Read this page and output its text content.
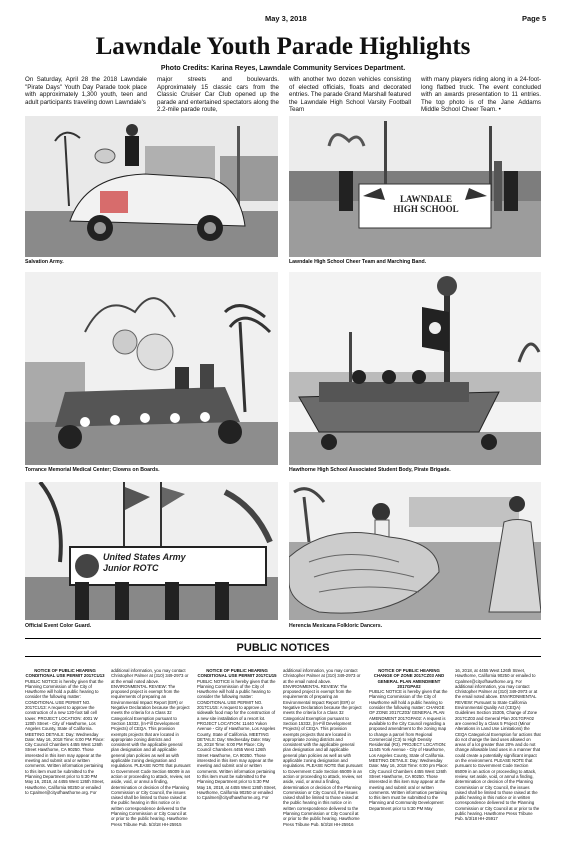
May 3, 2018	Page 5
Lawndale Youth Parade Highlights
Photo Credits: Karina Reyes, Lawndale Community Services Department.
On Saturday, April 28 the 2018 Lawndale "Pirate Days" Youth Day Parade took place with approximately 1,300 youth, teen and adult participants traveling down Lawndale's
major streets and boulevards. Approximately 15 classic cars from the Classic Cruiser Car Club opened up the parade and entertained spectators along the 2.2-mile parade route,
with another two dozen vehicles consisting of elected officials, floats and decorated entries. The parade Grand Marshall featured the Lawndale High School Varsity Football Team
with many players riding along in a 24-foot-long flatbed truck. The event concluded with an awards presentation to 11 entries. The top photo is of the Jane Addams Middle School Cheer Team. •
Salvation Army.
LAWNDALE
HIGH SCHOOL
Lawndale High School Cheer Team and Marching Band.
Torrance Memorial Medical Center; Clowns on Boards.	Hawthorne High School Associated Student Body, Pirate Brigade.
United States Army
Junior ROTC
Official Event Color Guard.	Herencia Mexicana Folkloric Dancers.
PUBLIC NOTICES

NOTICE OF PUBLIC HEARING CONDITIONAL USE PERMIT 2017CU13

PUBLIC NOTICE is hereby given that the Planning Commission of the City of Hawthorne will hold a public hearing to consider the following matter: CONDITIONAL USE PERMIT NO. 2017CU13: A request to approve the construction of a new 120-foot tall cell tower. PROJECT LOCATION: 4001 W 120th Street - City of Hawthorne, Los Angeles County, State of California. MEETING DETAILS: Day: Wednesday Date: May 16, 2018 Time: 6:00 PM Place: City Council Chambers 4455 West 126th Street Hawthorne, CA 90250. Those interested in this item may appear at the meeting and submit oral or written comments. Written information pertaining to this item must be submitted to the Planning Department prior to 5:30 PM May 16, 2018, at 4455 West 126th Street, Hawthorne, California 90250 or emailed to Cpalmer@cityofhawthorne.org. For

additional information, you may contact Christopher Palmer at (310) 349-2973 or at the email noted above. ENVIRONMENTAL REVIEW: The proposed project is exempt from the requirements of preparing an Environmental Impact Report (EIR) or Negative Declaration because the project meets the criteria for a Class 32 Categorical Exemption pursuant to Section 15332, (In-Fill Development Projects) of CEQA. This provision exempts projects that are located in appropriate zoning districts and consistent with the applicable general plan designation and all applicable general plan policies as well as with applicable zoning designation and regulations. PLEASE NOTE that pursuant to Government Code Section 65009 in an action or proceeding to attack, review, set aside, void, or annul a finding, determination or decision of the Planning Commission or City Council, the issues raised shall be limited to those raised at the public hearing in this notice or in written correspondence delivered to the Planning Commission or City Council at or prior to the public hearing. Hawthorne Press Tribune Pub. 5/3/18 HH-25915

NOTICE OF PUBLIC HEARING CONDITIONAL USE PERMIT 2017CU15

PUBLIC NOTICE is hereby given that the Planning Commission of the City of Hawthorne will hold a public hearing to consider the following matter: CONDITIONAL USE PERMIT NO. 2017CU15: A request to approve a sidewalk food map for the construction of a new site installation of a resort lot. PROJECT LOCATION: 11440 Yukon Avenue - City of Hawthorne, Los Angeles County, State of California. MEETING DETAILS: Day: Wednesday Date: May 16, 2018 Time: 6:00 PM Place: City Council Chambers 4455 West 126th Street Hawthorne, CA 90250. Those interested in this item may appear at the meeting and submit oral or written comments. Written information pertaining to this item must be submitted to the Planning Department prior to 5:30 PM May 16, 2018, at 4455 West 126th Street, Hawthorne, California 90250 or emailed to Cpalmer@cityofhawthorne.org. For

additional information, you may contact Christopher Palmer at (310) 349-2973 or at the email noted above. ENVIRONMENTAL REVIEW: The proposed project is exempt from the requirements of preparing an Environmental Impact Report (EIR) or Negative Declaration because the project meets the criteria for a Class 32 Categorical Exemption pursuant to Section 15332, (In-Fill Development Projects) of CEQA. This provision exempts projects that are located in appropriate zoning districts and consistent with the applicable general plan designation and all applicable general plan policies as well as with applicable zoning designation and regulations. PLEASE NOTE that pursuant to Government Code Section 65009 in an action or proceeding to attack, review, set aside, void, or annul a finding, determination or decision of the Planning Commission or City Council, the issues raised shall be limited to those raised at the public hearing in this notice or in written correspondence delivered to the Planning Commission or City Council at or prior to the public hearing. Hawthorne Press Tribune Pub. 5/3/18 HH-25916

NOTICE OF PUBLIC HEARING CHANGE OF ZONE 2017CZ03 AND GENERAL PLAN AMENDMENT 2017GPA02

PUBLIC NOTICE is hereby given that the Planning Commission of the City of Hawthorne will hold a public hearing to consider the following matter: CHANGE OF ZONE 2017CZ03/ GENERAL PLAN AMENDMENT 2017GPA02: A request is available to the City Council regarding a proposed amendment to the zoning map to change a parcel from Regional Commercial (C3) to High Density Residential (R3). PROJECT LOCATION: 11445 York Avenue - City of Hawthorne, Los Angeles County, State of California. MEETING DETAILS: Day: Wednesday Date: May 16, 2018 Time: 6:00 pm Place: City Council Chambers 4455 West 126th Street Hawthorne, CA 90250. Those interested in this item may appear at the meeting and submit oral or written comments. Written information pertaining to this item must be submitted to the Planning and Community Development Department prior to 5:30 PM May

16, 2018, at 4455 West 126th Street, Hawthorne, California 90250 or emailed to Cpalmer@cityofhawthorne.org. For additional information, you may contact Christopher Palmer at (310) 349-2973 or at the email noted above. ENVIRONMENTAL REVIEW: Pursuant to State California Environmental Quality Act (CEQA) Guidelines Section 15305, Change of Zone 2017CZ03 and General Plan 2017GPA02 are covered by a Class 5 Project (Minor Alterations in Land Use Limitations) the CEQA Categorical Exemption for actions that do not change the land uses allowed on areas of a lot greater than 20% and do not change allowable land uses in a manner that could create a potentially significant impact on the environment. PLEASE NOTE that pursuant to Government Code Section 65009 in an action or proceeding to attack, review, set aside, void, or annul a finding, determination or decision of the Planning Commission or City Council, the issues raised shall be limited to those raised at the public hearing in this notice or in written correspondence delivered to the Planning Commission or City Council at or prior to the public hearing. Hawthorne Press Tribune Pub. 5/3/18 HH-25917
